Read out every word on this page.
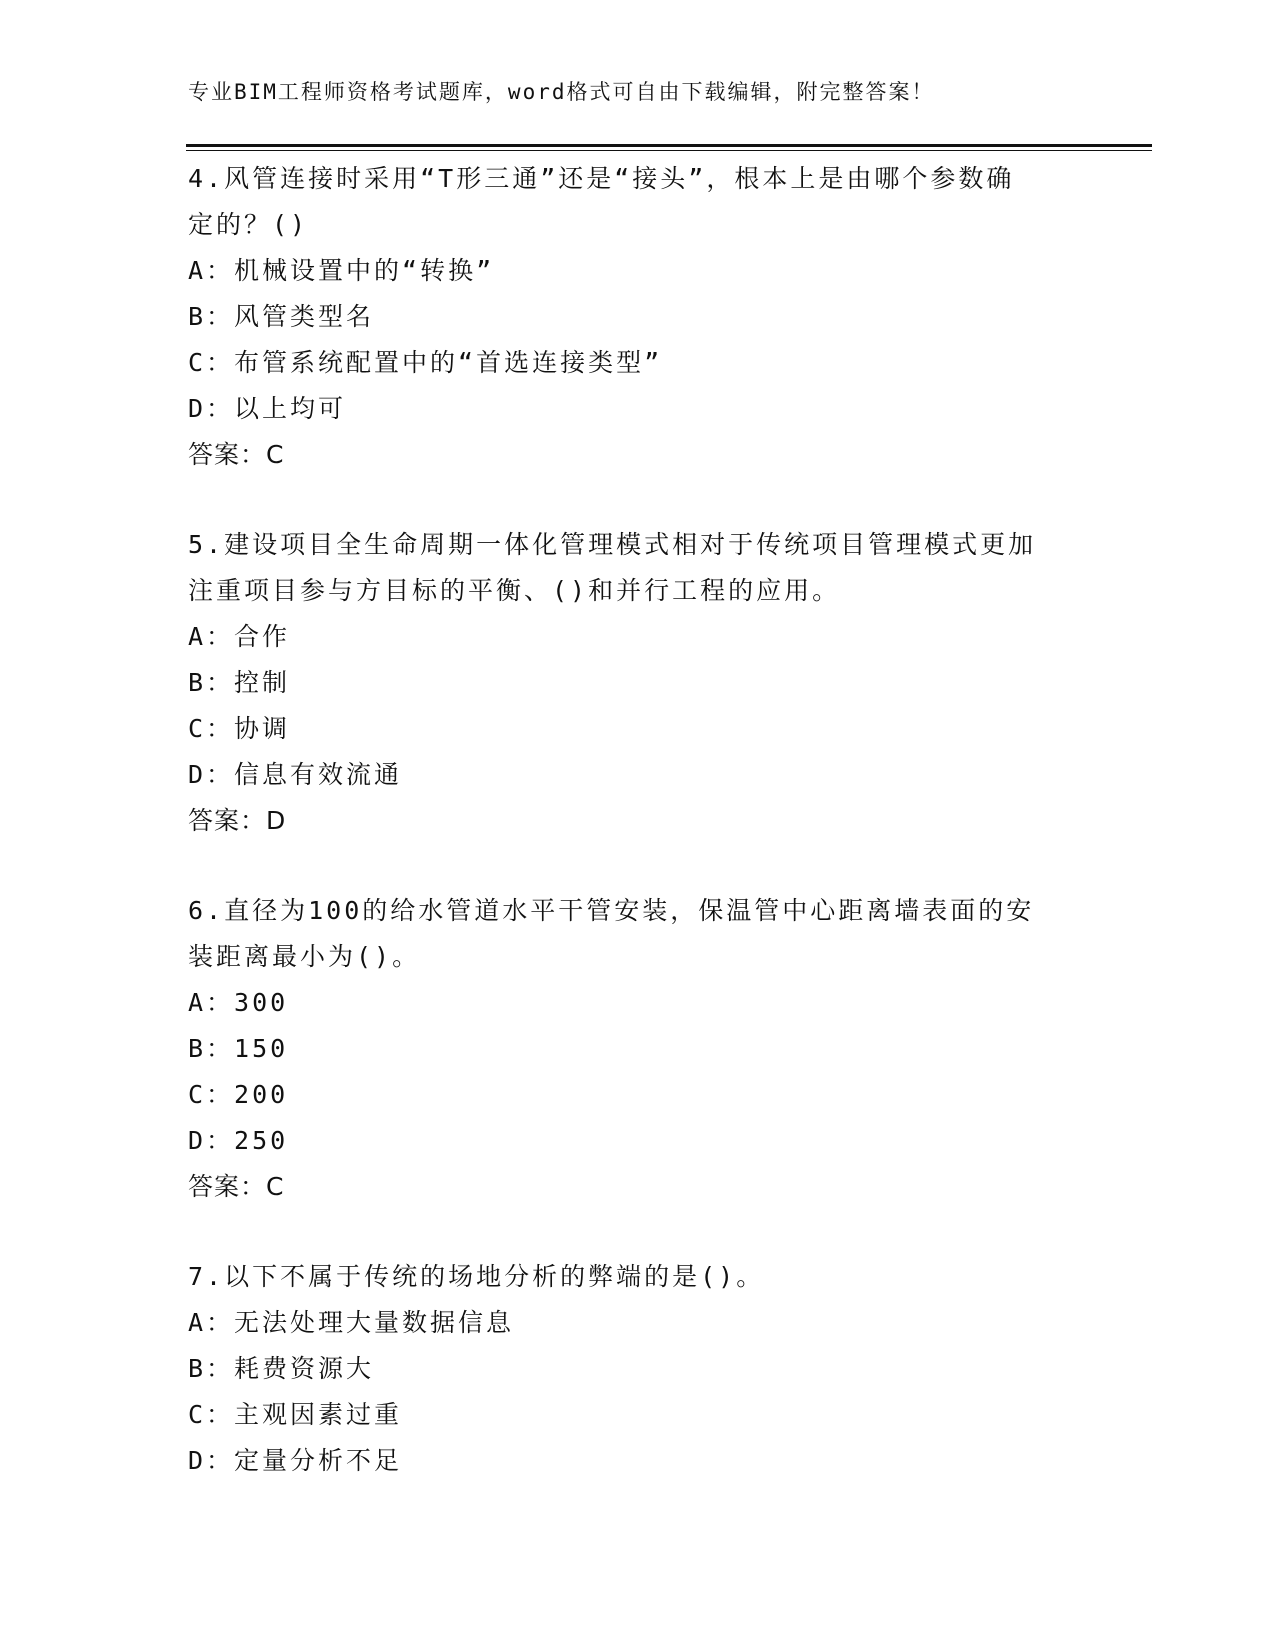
专业BIM工程师资格考试题库，word格式可自由下载编辑，附完整答案！
4.风管连接时采用“T形三通”还是“接头”，根本上是由哪个参数确
定的？()
A：机械设置中的“转换”
B：风管类型名
C：布管系统配置中的“首选连接类型”
D：以上均可
答案：C
5.建设项目全生命周期一体化管理模式相对于传统项目管理模式更加
注重项目参与方目标的平衡、()和并行工程的应用。
A：合作
B：控制
C：协调
D：信息有效流通
答案：D
6.直径为100的给水管道水平干管安装，保温管中心距离墙表面的安
装距离最小为()。
A：300
B：150
C：200
D：250
答案：C
7.以下不属于传统的场地分析的弊端的是()。
A：无法处理大量数据信息
B：耗费资源大
C：主观因素过重
D：定量分析不足
